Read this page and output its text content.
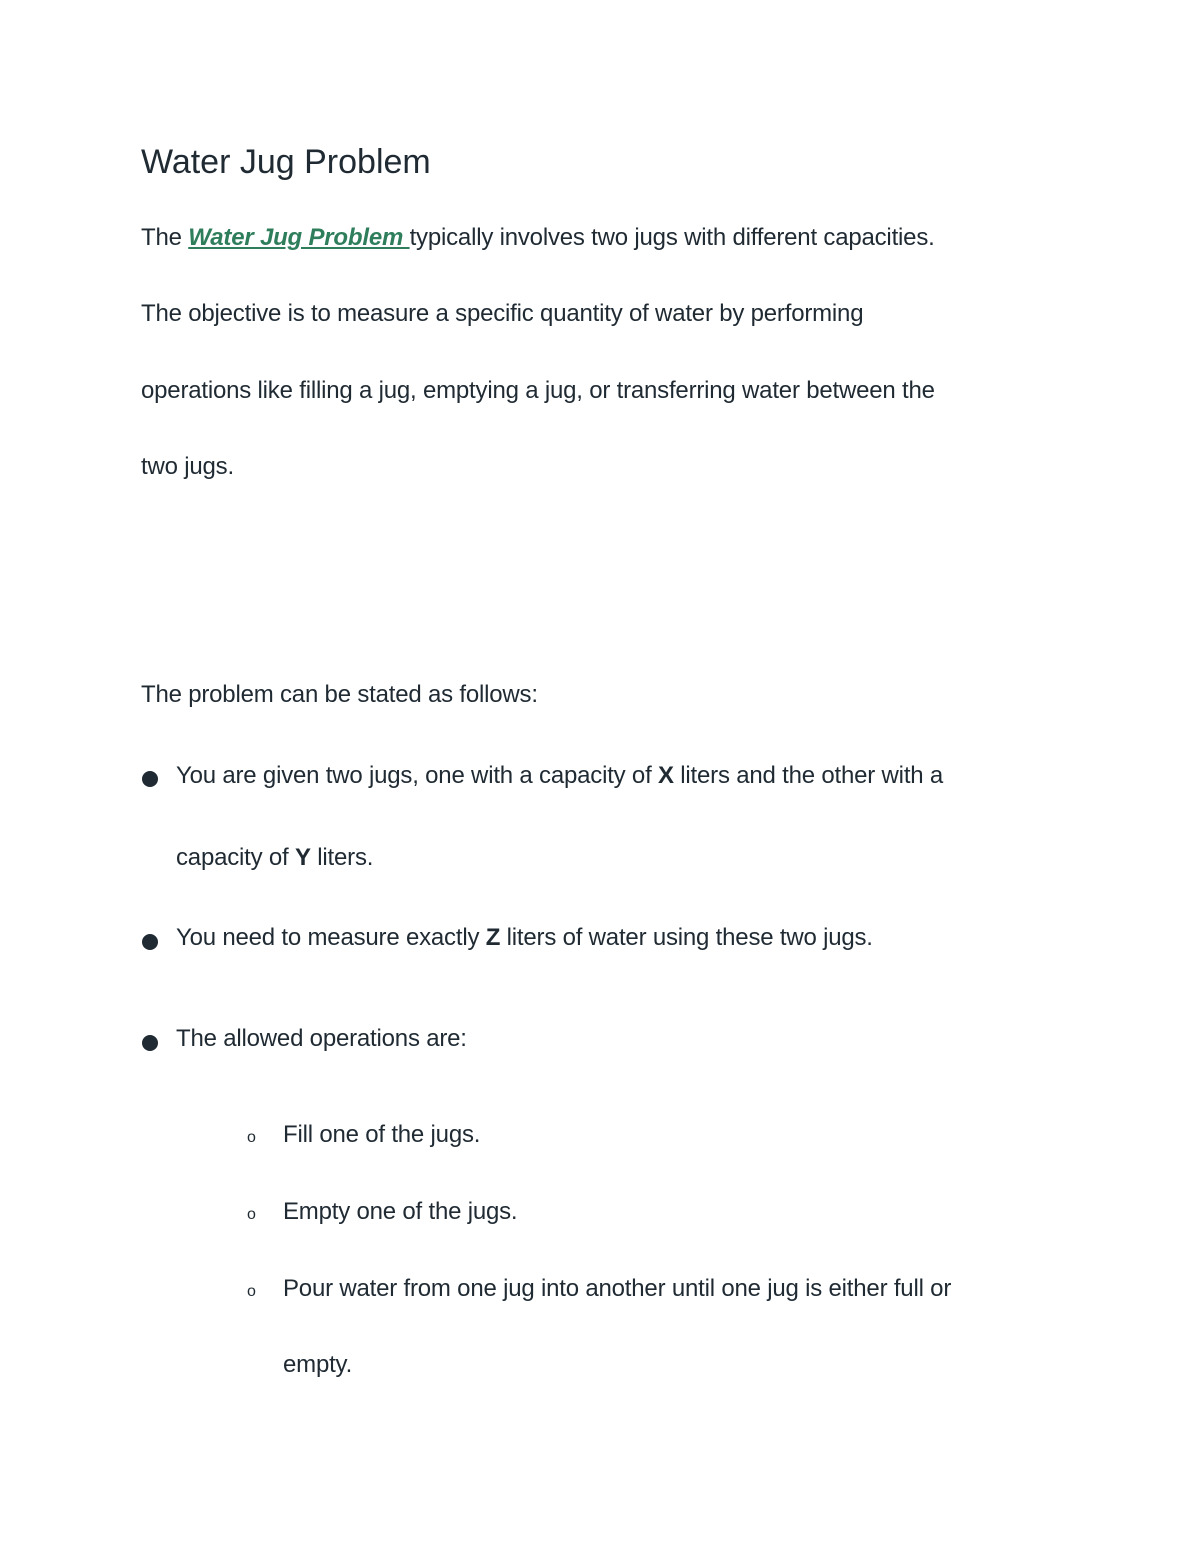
Water Jug Problem
The Water Jug Problem typically involves two jugs with different capacities.
The objective is to measure a specific quantity of water by performing
operations like filling a jug, emptying a jug, or transferring water between the
two jugs.
The problem can be stated as follows:
You are given two jugs, one with a capacity of X liters and the other with a
capacity of Y liters.
You need to measure exactly Z liters of water using these two jugs.
The allowed operations are:
o Fill one of the jugs.
o Empty one of the jugs.
o Pour water from one jug into another until one jug is either full or
empty.
